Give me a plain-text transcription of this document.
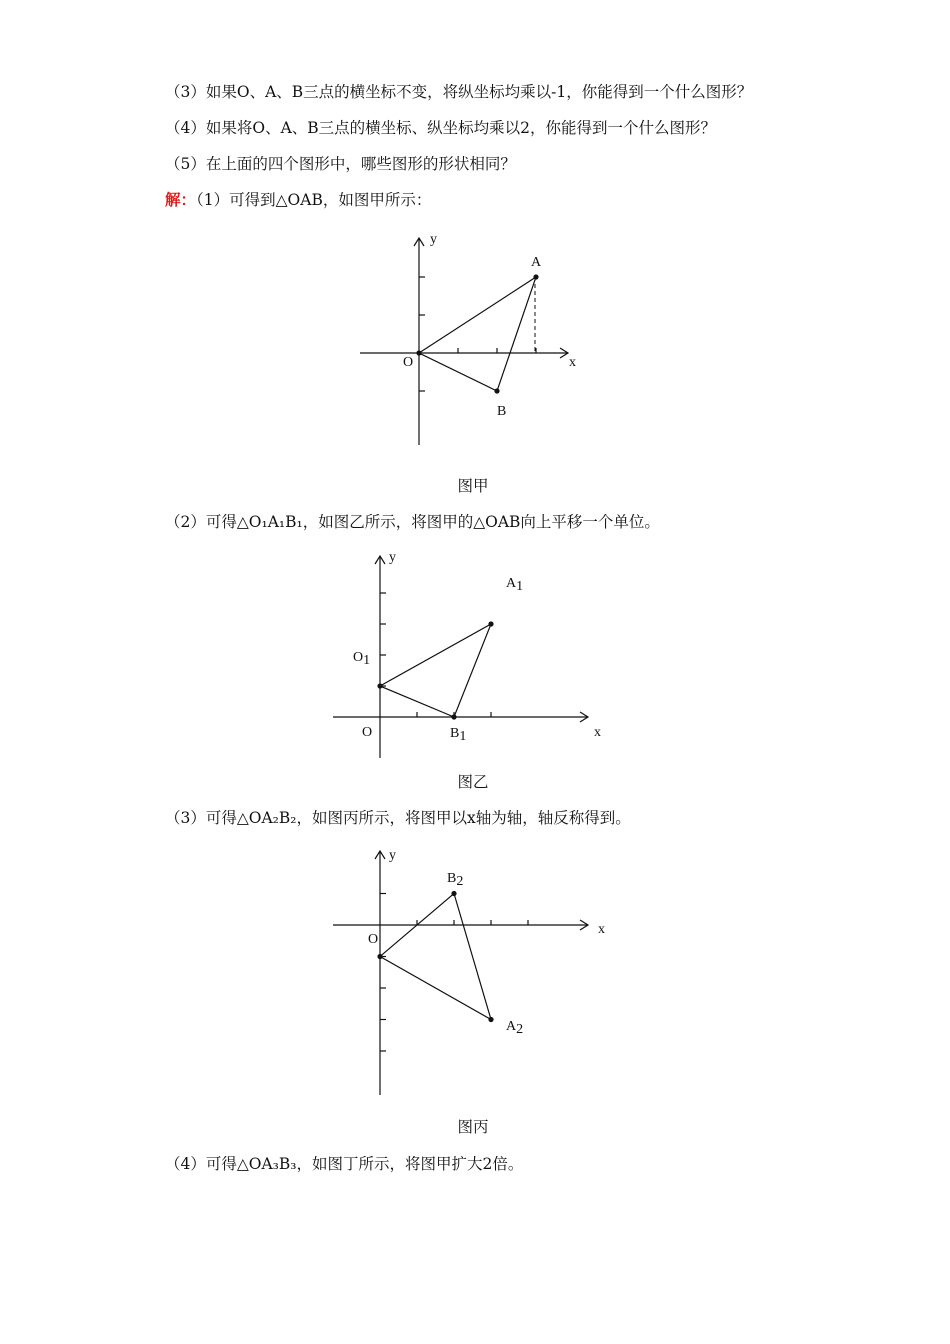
（3）如果O、A、B三点的横坐标不变，将纵坐标均乘以-1，你能得到一个什么图形？
（4）如果将O、A、B三点的横坐标、纵坐标均乘以2，你能得到一个什么图形？
（5）在上面的四个图形中，哪些图形的形状相同？
解：（1）可得到△OAB，如图甲所示：
y
x
O
A
B
图甲
（2）可得△O₁A₁B₁，如图乙所示，将图甲的△OAB向上平移一个单位。
y
x
O
O1
A1
B1
图乙
（3）可得△OA₂B₂，如图丙所示，将图甲以x轴为轴，轴反称得到。
y
x
O
B2
A2
图丙
（4）可得△OA₃B₃，如图丁所示，将图甲扩大2倍。
